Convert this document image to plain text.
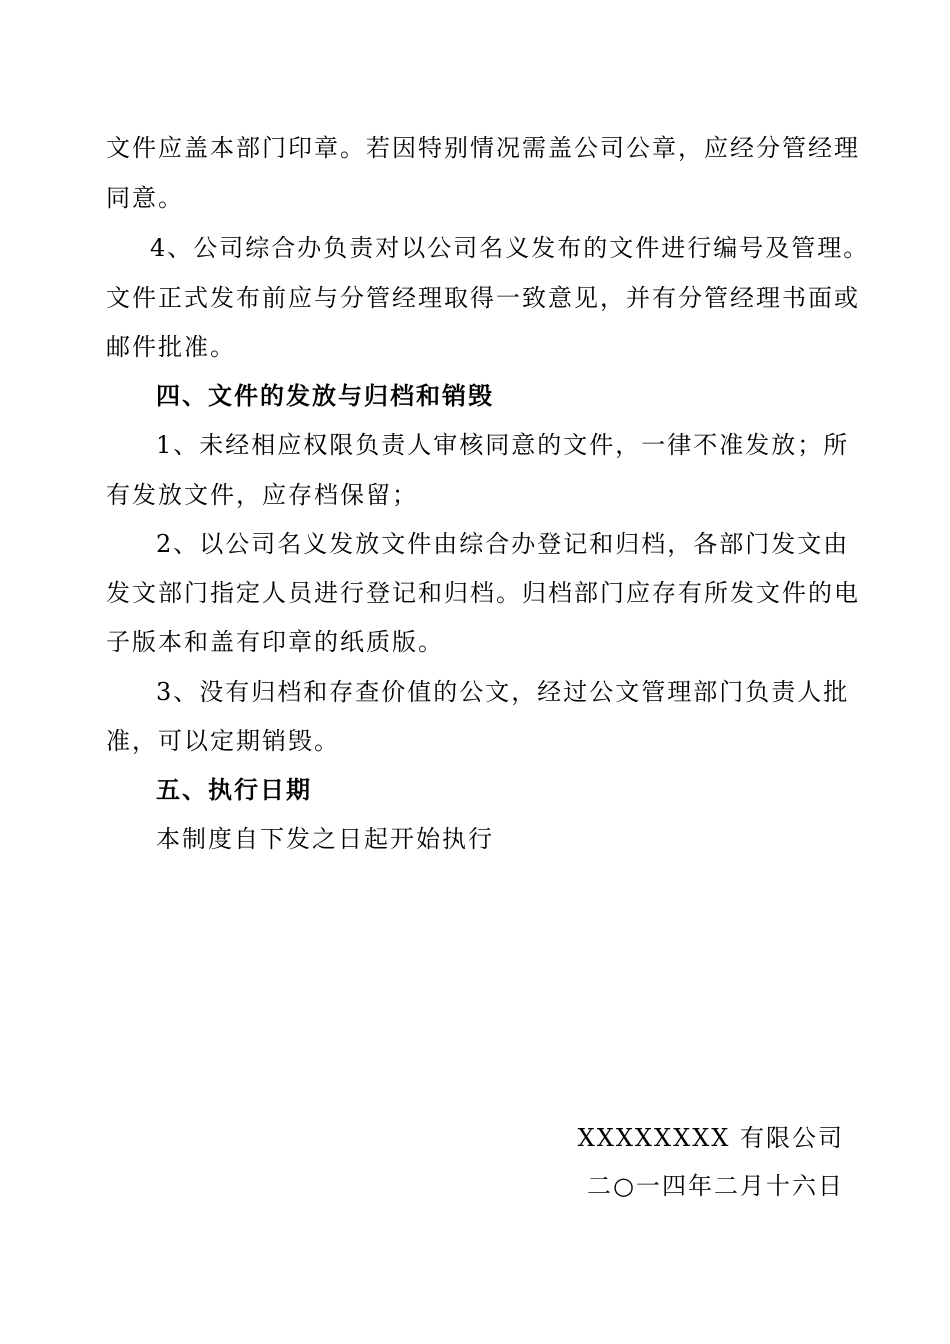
文件应盖本部门印章。若因特别情况需盖公司公章，应经分管经理
同意。
4、公司综合办负责对以公司名义发布的文件进行编号及管理。
文件正式发布前应与分管经理取得一致意见，并有分管经理书面或
邮件批准。
四、文件的发放与归档和销毁
1、未经相应权限负责人审核同意的文件，一律不准发放；所
有发放文件，应存档保留；
2、以公司名义发放文件由综合办登记和归档，各部门发文由
发文部门指定人员进行登记和归档。归档部门应存有所发文件的电
子版本和盖有印章的纸质版。
3、没有归档和存查价值的公文，经过公文管理部门负责人批
准，可以定期销毁。
五、执行日期
本制度自下发之日起开始执行
XXXXXXXX 有限公司
二○一四年二月十六日
